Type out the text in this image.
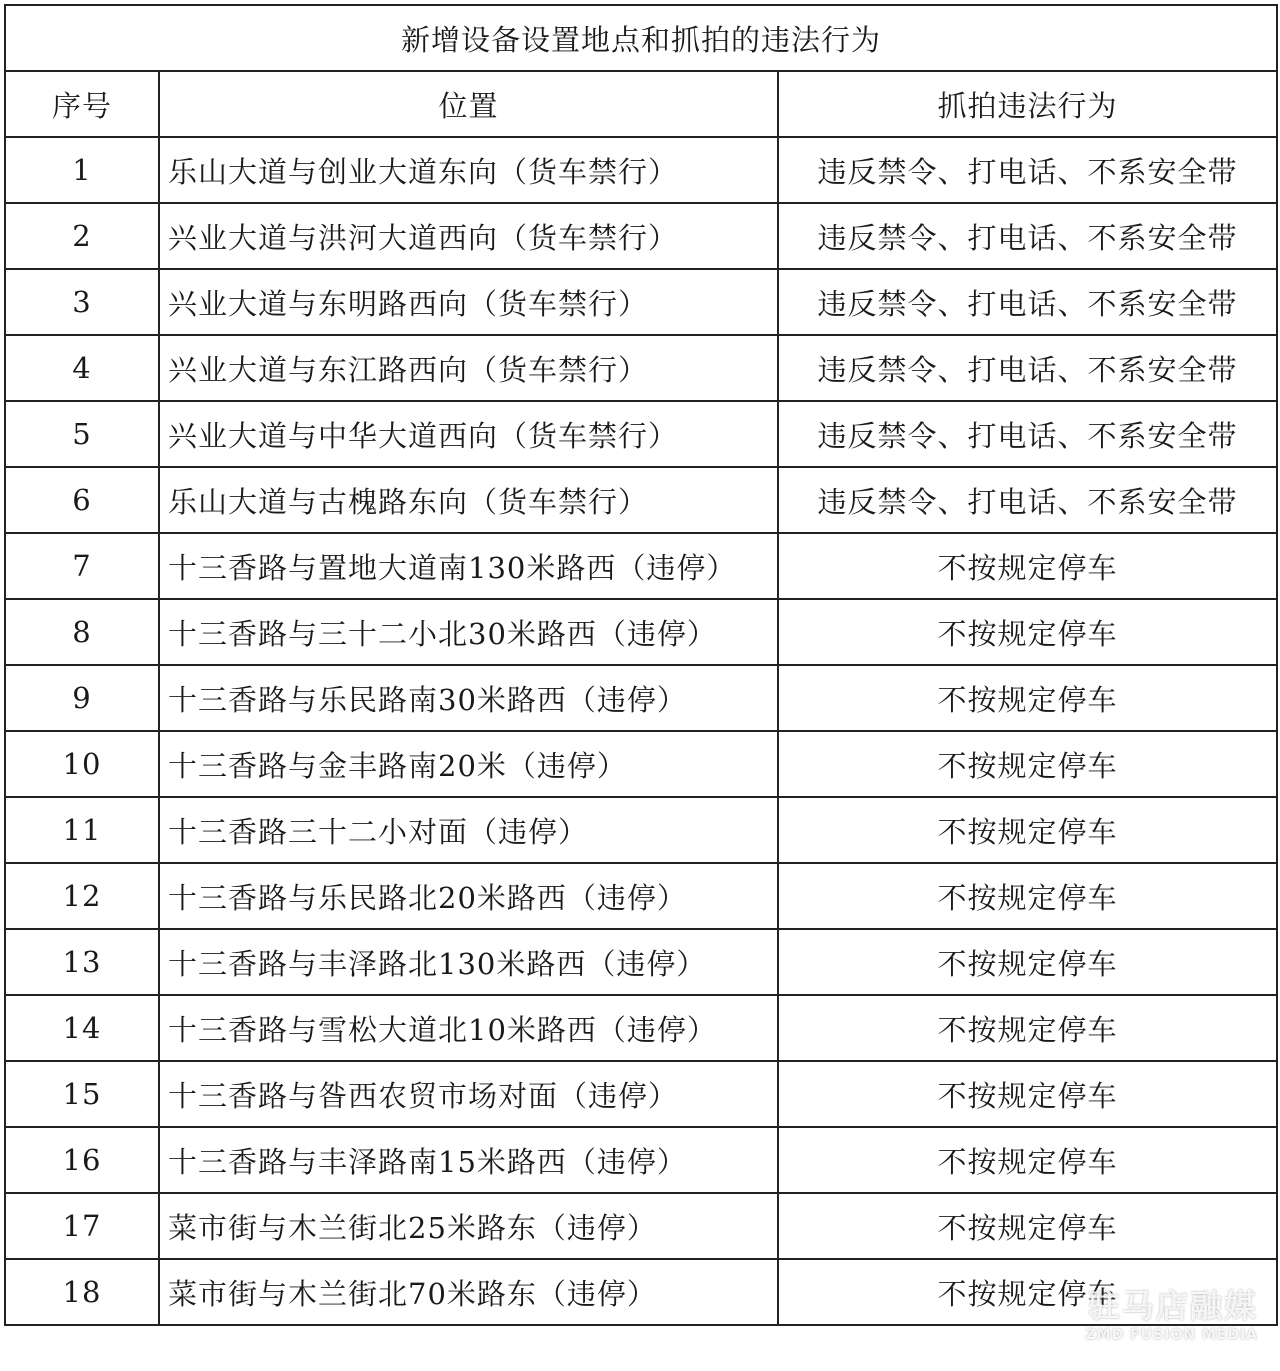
新增设备设置地点和抓拍的违法行为		
序号	位置	抓拍违法行为
1	乐山大道与创业大道东向（货车禁行）	违反禁令、打电话、不系安全带
2	兴业大道与洪河大道西向（货车禁行）	违反禁令、打电话、不系安全带
3	兴业大道与东明路西向（货车禁行）	违反禁令、打电话、不系安全带
4	兴业大道与东江路西向（货车禁行）	违反禁令、打电话、不系安全带
5	兴业大道与中华大道西向（货车禁行）	违反禁令、打电话、不系安全带
6	乐山大道与古槐路东向（货车禁行）	违反禁令、打电话、不系安全带
7	十三香路与置地大道南130米路西（违停）	不按规定停车
8	十三香路与三十二小北30米路西（违停）	不按规定停车
9	十三香路与乐民路南30米路西（违停）	不按规定停车
10	十三香路与金丰路南20米（违停）	不按规定停车
11	十三香路三十二小对面（违停）	不按规定停车
12	十三香路与乐民路北20米路西（违停）	不按规定停车
13	十三香路与丰泽路北130米路西（违停）	不按规定停车
14	十三香路与雪松大道北10米路西（违停）	不按规定停车
15	十三香路与昝西农贸市场对面（违停）	不按规定停车
16	十三香路与丰泽路南15米路西（违停）	不按规定停车
17	菜市街与木兰街北25米路东（违停）	不按规定停车
18	菜市街与木兰街北70米路东（违停）	不按规定停车
驻马店融媒
ZMD FUSION MEDIA
